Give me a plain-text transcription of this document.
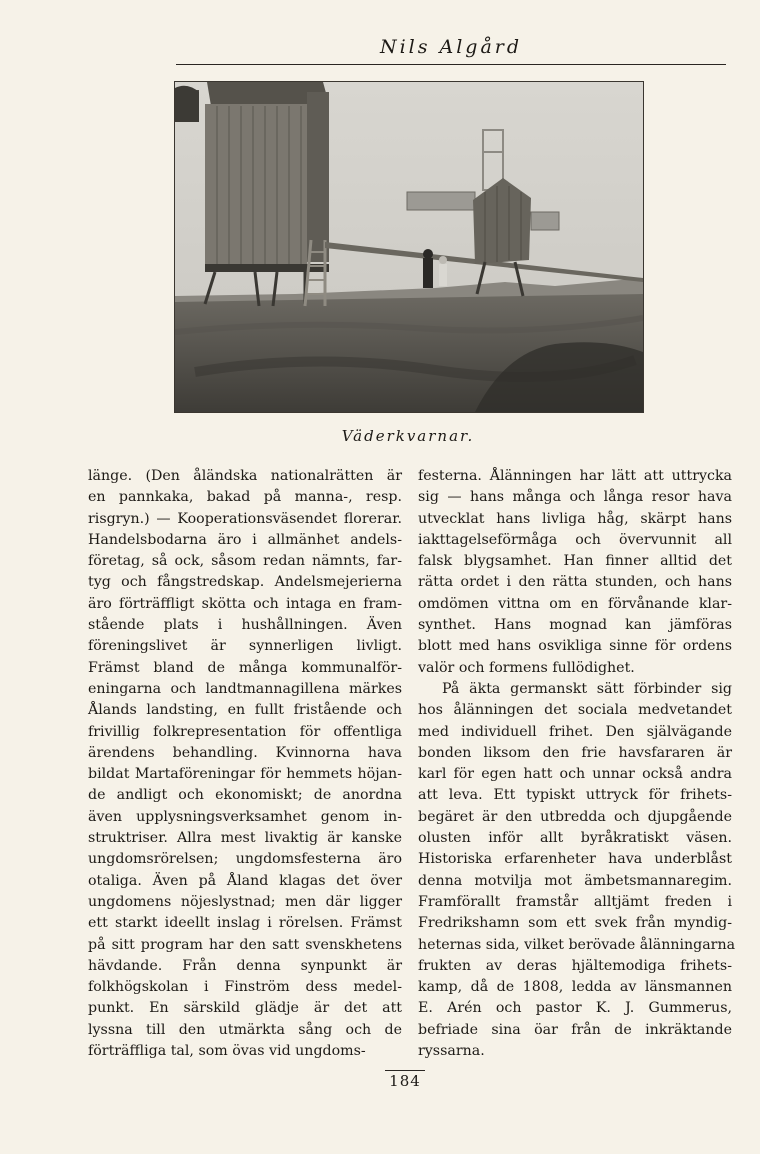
Nils Algård
Väderkvarnar.
länge. (Den åländska nationalrätten är
en pannkaka, bakad på manna-, resp.
risgryn.) — Kooperationsväsendet florerar.
Handelsbodarna äro i allmänhet andels-
företag, så ock, såsom redan nämnts, far-
tyg och fångstredskap. Andelsmejerierna
äro förträffligt skötta och intaga en fram-
stående plats i hushållningen. Även
föreningslivet är synnerligen livligt.
Främst bland de många kommunalför-
eningarna och landtmannagillena märkes
Ålands landsting, en fullt fristående och
frivillig folkrepresentation för offentliga
ärendens behandling. Kvinnorna hava
bildat Martaföreningar för hemmets höjan-
de andligt och ekonomiskt; de anordna
även upplysningsverksamhet genom in-
struktriser. Allra mest livaktig är kanske
ungdomsrörelsen; ungdomsfesterna äro
otaliga. Även på Åland klagas det över
ungdomens nöjeslystnad; men där ligger
ett starkt ideellt inslag i rörelsen. Främst
på sitt program har den satt svenskhetens
hävdande. Från denna synpunkt är
folkhögskolan i Finström dess medel-
punkt. En särskild glädje är det att
lyssna till den utmärkta sång och de
förträffliga tal, som övas vid ungdoms-
festerna. Ålänningen har lätt att uttrycka
sig — hans många och långa resor hava
utvecklat hans livliga håg, skärpt hans
iakttagelseförmåga och övervunnit all
falsk blygsamhet. Han finner alltid det
rätta ordet i den rätta stunden, och hans
omdömen vittna om en förvånande klar-
synthet. Hans mognad kan jämföras
blott med hans osvikliga sinne för ordens
valör och formens fullödighet.
På äkta germanskt sätt förbinder sig
hos ålänningen det sociala medvetandet
med individuell frihet. Den självägande
bonden liksom den frie havsfararen är
karl för egen hatt och unnar också andra
att leva. Ett typiskt uttryck för frihets-
begäret är den utbredda och djupgående
olusten inför allt byråkratiskt väsen.
Historiska erfarenheter hava underblåst
denna motvilja mot ämbetsmannaregim.
Framförallt framstår alltjämt freden i
Fredrikshamn som ett svek från myndig-
heternas sida, vilket berövade ålänningarna
frukten av deras hjältemodiga frihets-
kamp, då de 1808, ledda av länsmannen
E. Arén och pastor K. J. Gummerus,
befriade sina öar från de inkräktande
ryssarna.
184
